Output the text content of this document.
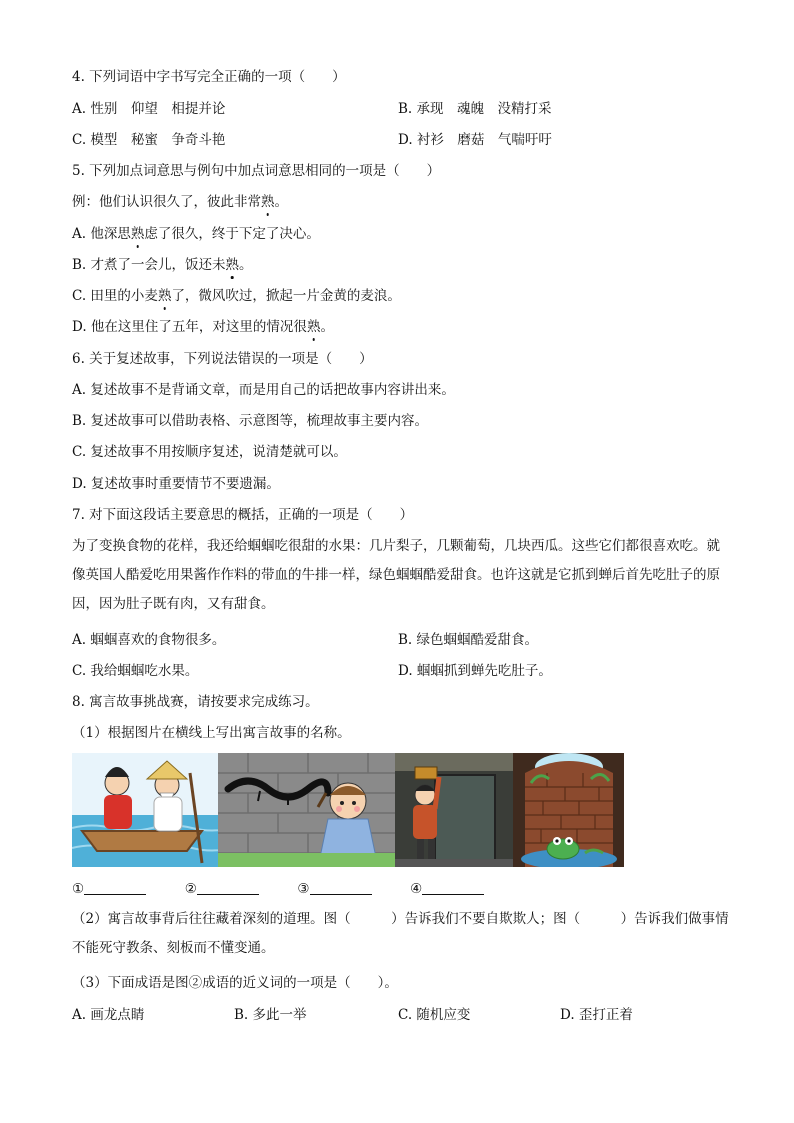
4. 下列词语中字书写完全正确的一项（　　）
A. 性别　仰望　相提并论	B. 承现　魂魄　没精打采
C. 模型　秘蜜　争奇斗艳	D. 衬衫　磨菇　气喘吁吁
5. 下列加点词意思与例句中加点词意思相同的一项是（　　）
例：他们认识很久了，彼此非常熟。
A. 他深思熟虑了很久，终于下定了决心。
B. 才煮了一会儿，饭还未熟。
C. 田里的小麦熟了，微风吹过，掀起一片金黄的麦浪。
D. 他在这里住了五年，对这里的情况很熟。
6. 关于复述故事，下列说法错误的一项是（　　）
A. 复述故事不是背诵文章，而是用自己的话把故事内容讲出来。
B. 复述故事可以借助表格、示意图等，梳理故事主要内容。
C. 复述故事不用按顺序复述，说清楚就可以。
D. 复述故事时重要情节不要遗漏。
7. 对下面这段话主要意思的概括，正确的一项是（　　）
为了变换食物的花样，我还给蝈蝈吃很甜的水果：几片梨子，几颗葡萄，几块西瓜。这些它们都很喜欢吃。就像英国人酷爱吃用果酱作作料的带血的牛排一样，绿色蝈蝈酷爱甜食。也许这就是它抓到蝉后首先吃肚子的原因，因为肚子既有肉，又有甜食。
A. 蝈蝈喜欢的食物很多。	B. 绿色蝈蝈酷爱甜食。
C. 我给蝈蝈吃水果。	D. 蝈蝈抓到蝉先吃肚子。
8. 寓言故事挑战赛，请按要求完成练习。
（1）根据图片在横线上写出寓言故事的名称。
①	②	③	④
（2）寓言故事背后往往藏着深刻的道理。图（　　　）告诉我们不要自欺欺人；图（　　　）告诉我们做事情不能死守教条、刻板而不懂变通。
（3）下面成语是图②成语的近义词的一项是（　　）。
A. 画龙点睛	B. 多此一举	C. 随机应变	D. 歪打正着
